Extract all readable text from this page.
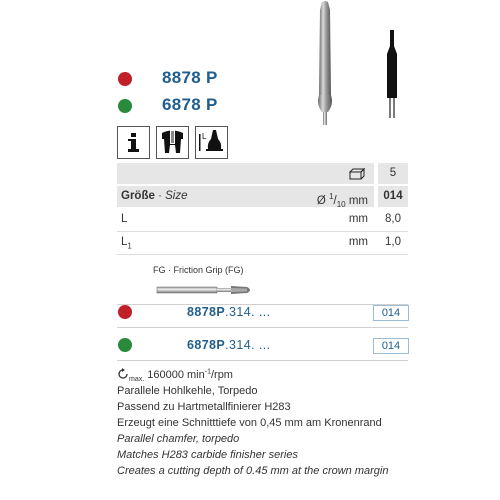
8878 P
6878 P
L
5
Größe · Size	Ø $^1/_{10}$ mm	014
L	mm	8,0
$L_1$	mm	1,0
FG · Friction Grip (FG)
8878P.314. ...	014
6878P.314. ...	014
$_{max.}$ 160000 $\min^{-1}$/rpm
Parallele Hohlkehle, Torpedo
Passend zu Hartmetallfinierer H283
Erzeugt eine Schnitttiefe von 0,45 mm am Kronenrand
Parallel chamfer, torpedo
Matches H283 carbide finisher series
Creates a cutting depth of 0.45 mm at the crown margin
